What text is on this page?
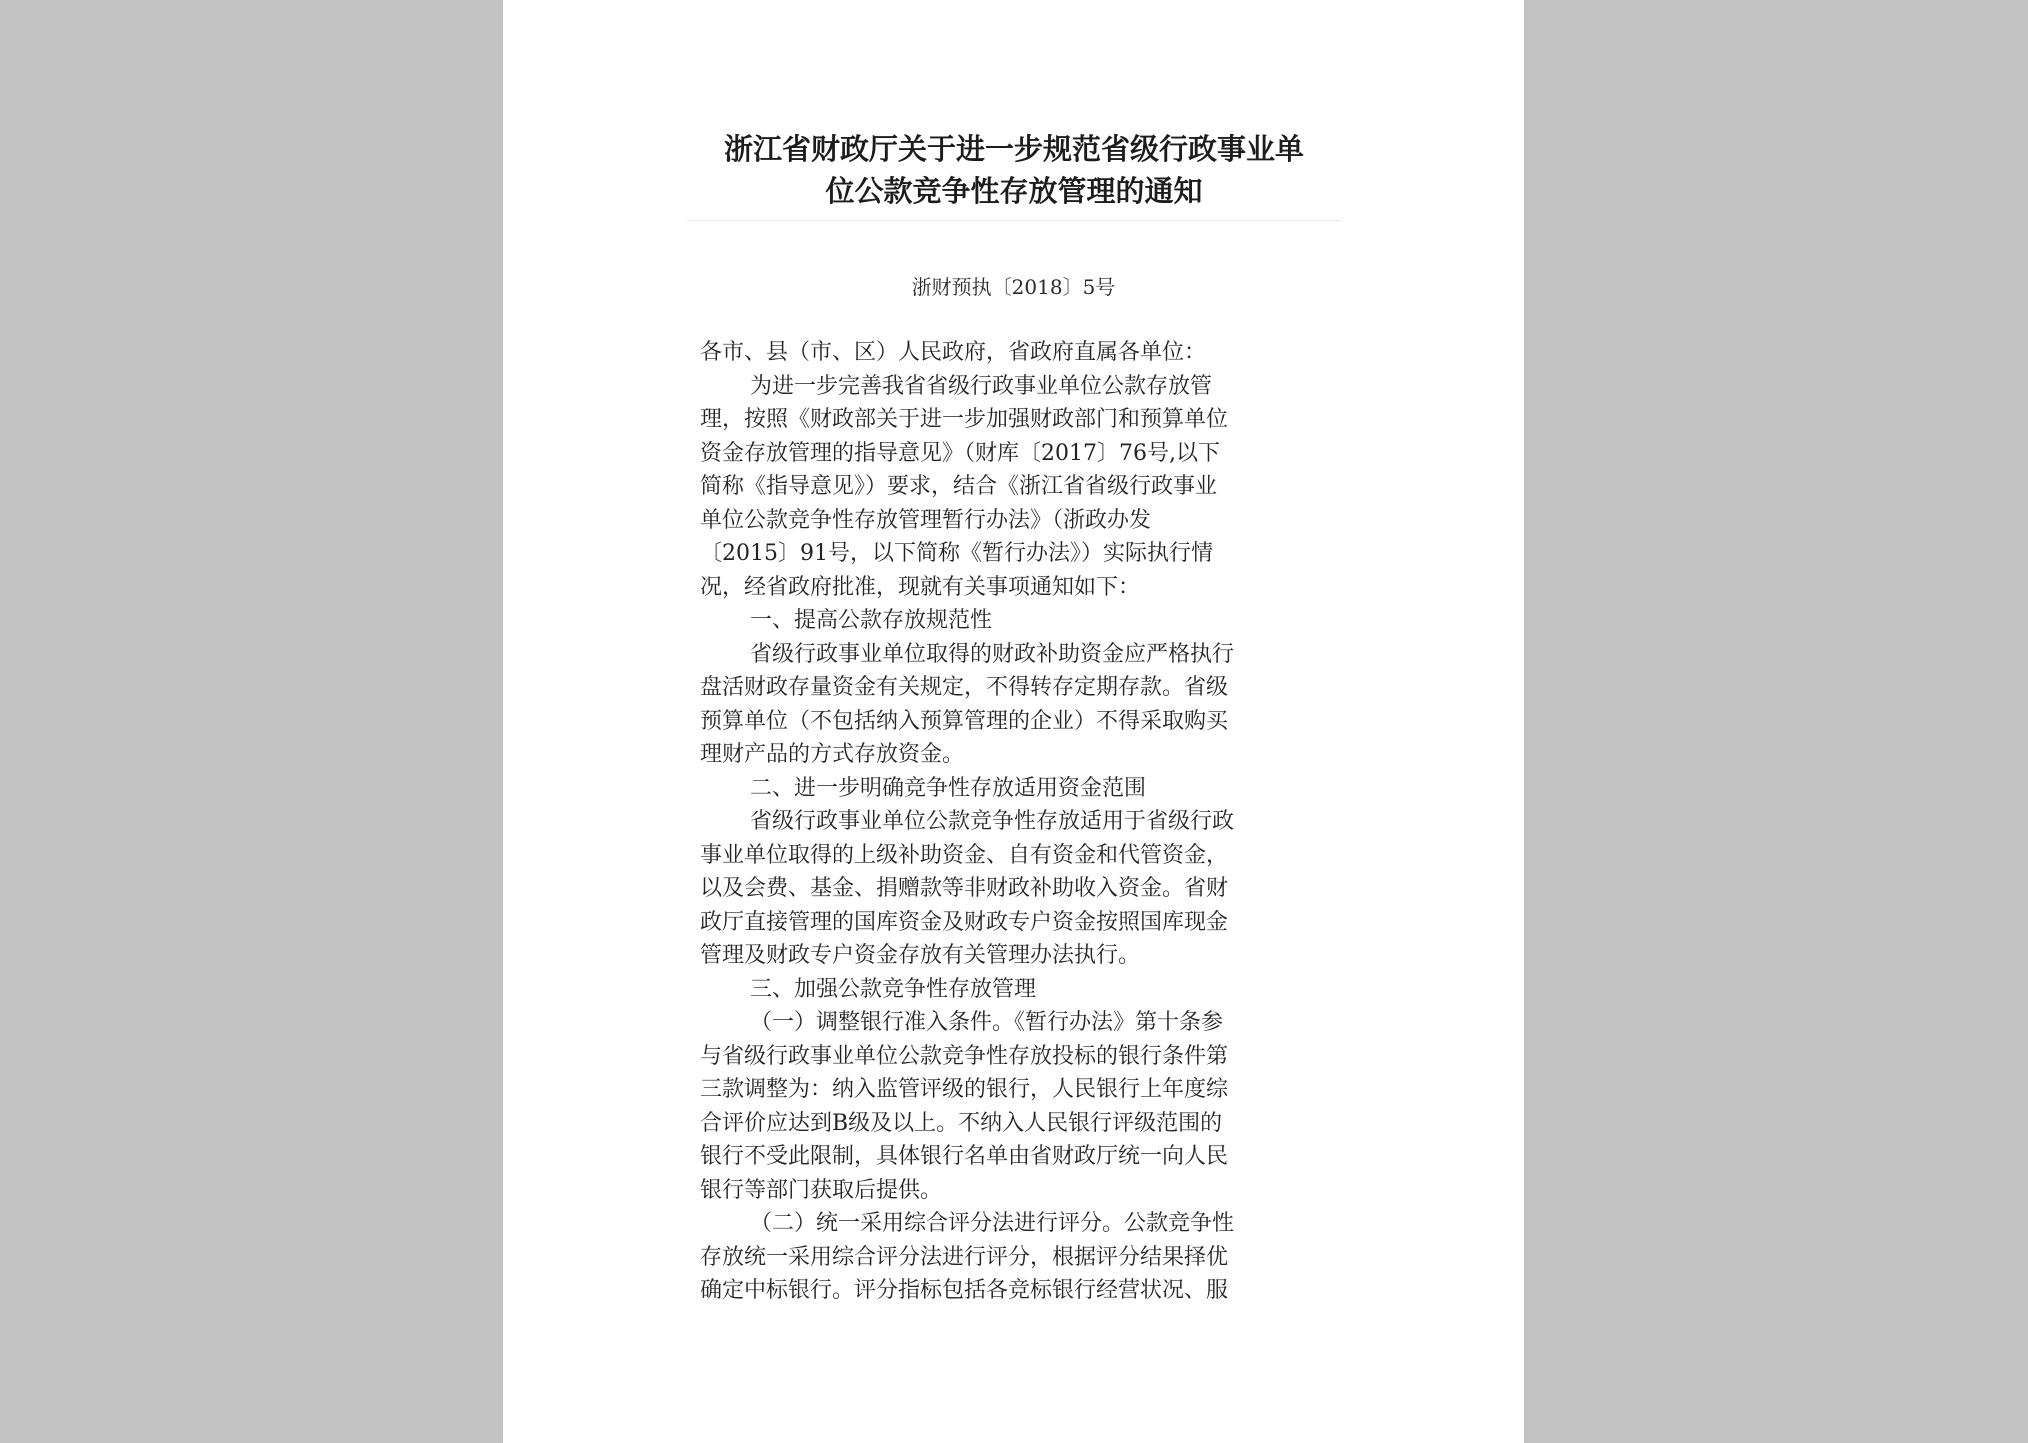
浙江省财政厅关于进一步规范省级行政事业单
位公款竞争性存放管理的通知
浙财预执〔2018〕5号
各市、县（市、区）人民政府，省政府直属各单位：
为进一步完善我省省级行政事业单位公款存放管
理，按照《财政部关于进一步加强财政部门和预算单位
资金存放管理的指导意见》（财库〔2017〕76号,以下
简称《指导意见》）要求，结合《浙江省省级行政事业
单位公款竞争性存放管理暂行办法》（浙政办发
〔2015〕91号，以下简称《暂行办法》）实际执行情
况，经省政府批准，现就有关事项通知如下：
一、提高公款存放规范性
省级行政事业单位取得的财政补助资金应严格执行
盘活财政存量资金有关规定，不得转存定期存款。省级
预算单位（不包括纳入预算管理的企业）不得采取购买
理财产品的方式存放资金。
二、进一步明确竞争性存放适用资金范围
省级行政事业单位公款竞争性存放适用于省级行政
事业单位取得的上级补助资金、自有资金和代管资金，
以及会费、基金、捐赠款等非财政补助收入资金。省财
政厅直接管理的国库资金及财政专户资金按照国库现金
管理及财政专户资金存放有关管理办法执行。
三、加强公款竞争性存放管理
（一）调整银行准入条件。《暂行办法》第十条参
与省级行政事业单位公款竞争性存放投标的银行条件第
三款调整为：纳入监管评级的银行，人民银行上年度综
合评价应达到B级及以上。不纳入人民银行评级范围的
银行不受此限制，具体银行名单由省财政厅统一向人民
银行等部门获取后提供。
（二）统一采用综合评分法进行评分。公款竞争性
存放统一采用综合评分法进行评分，根据评分结果择优
确定中标银行。评分指标包括各竞标银行经营状况、服
